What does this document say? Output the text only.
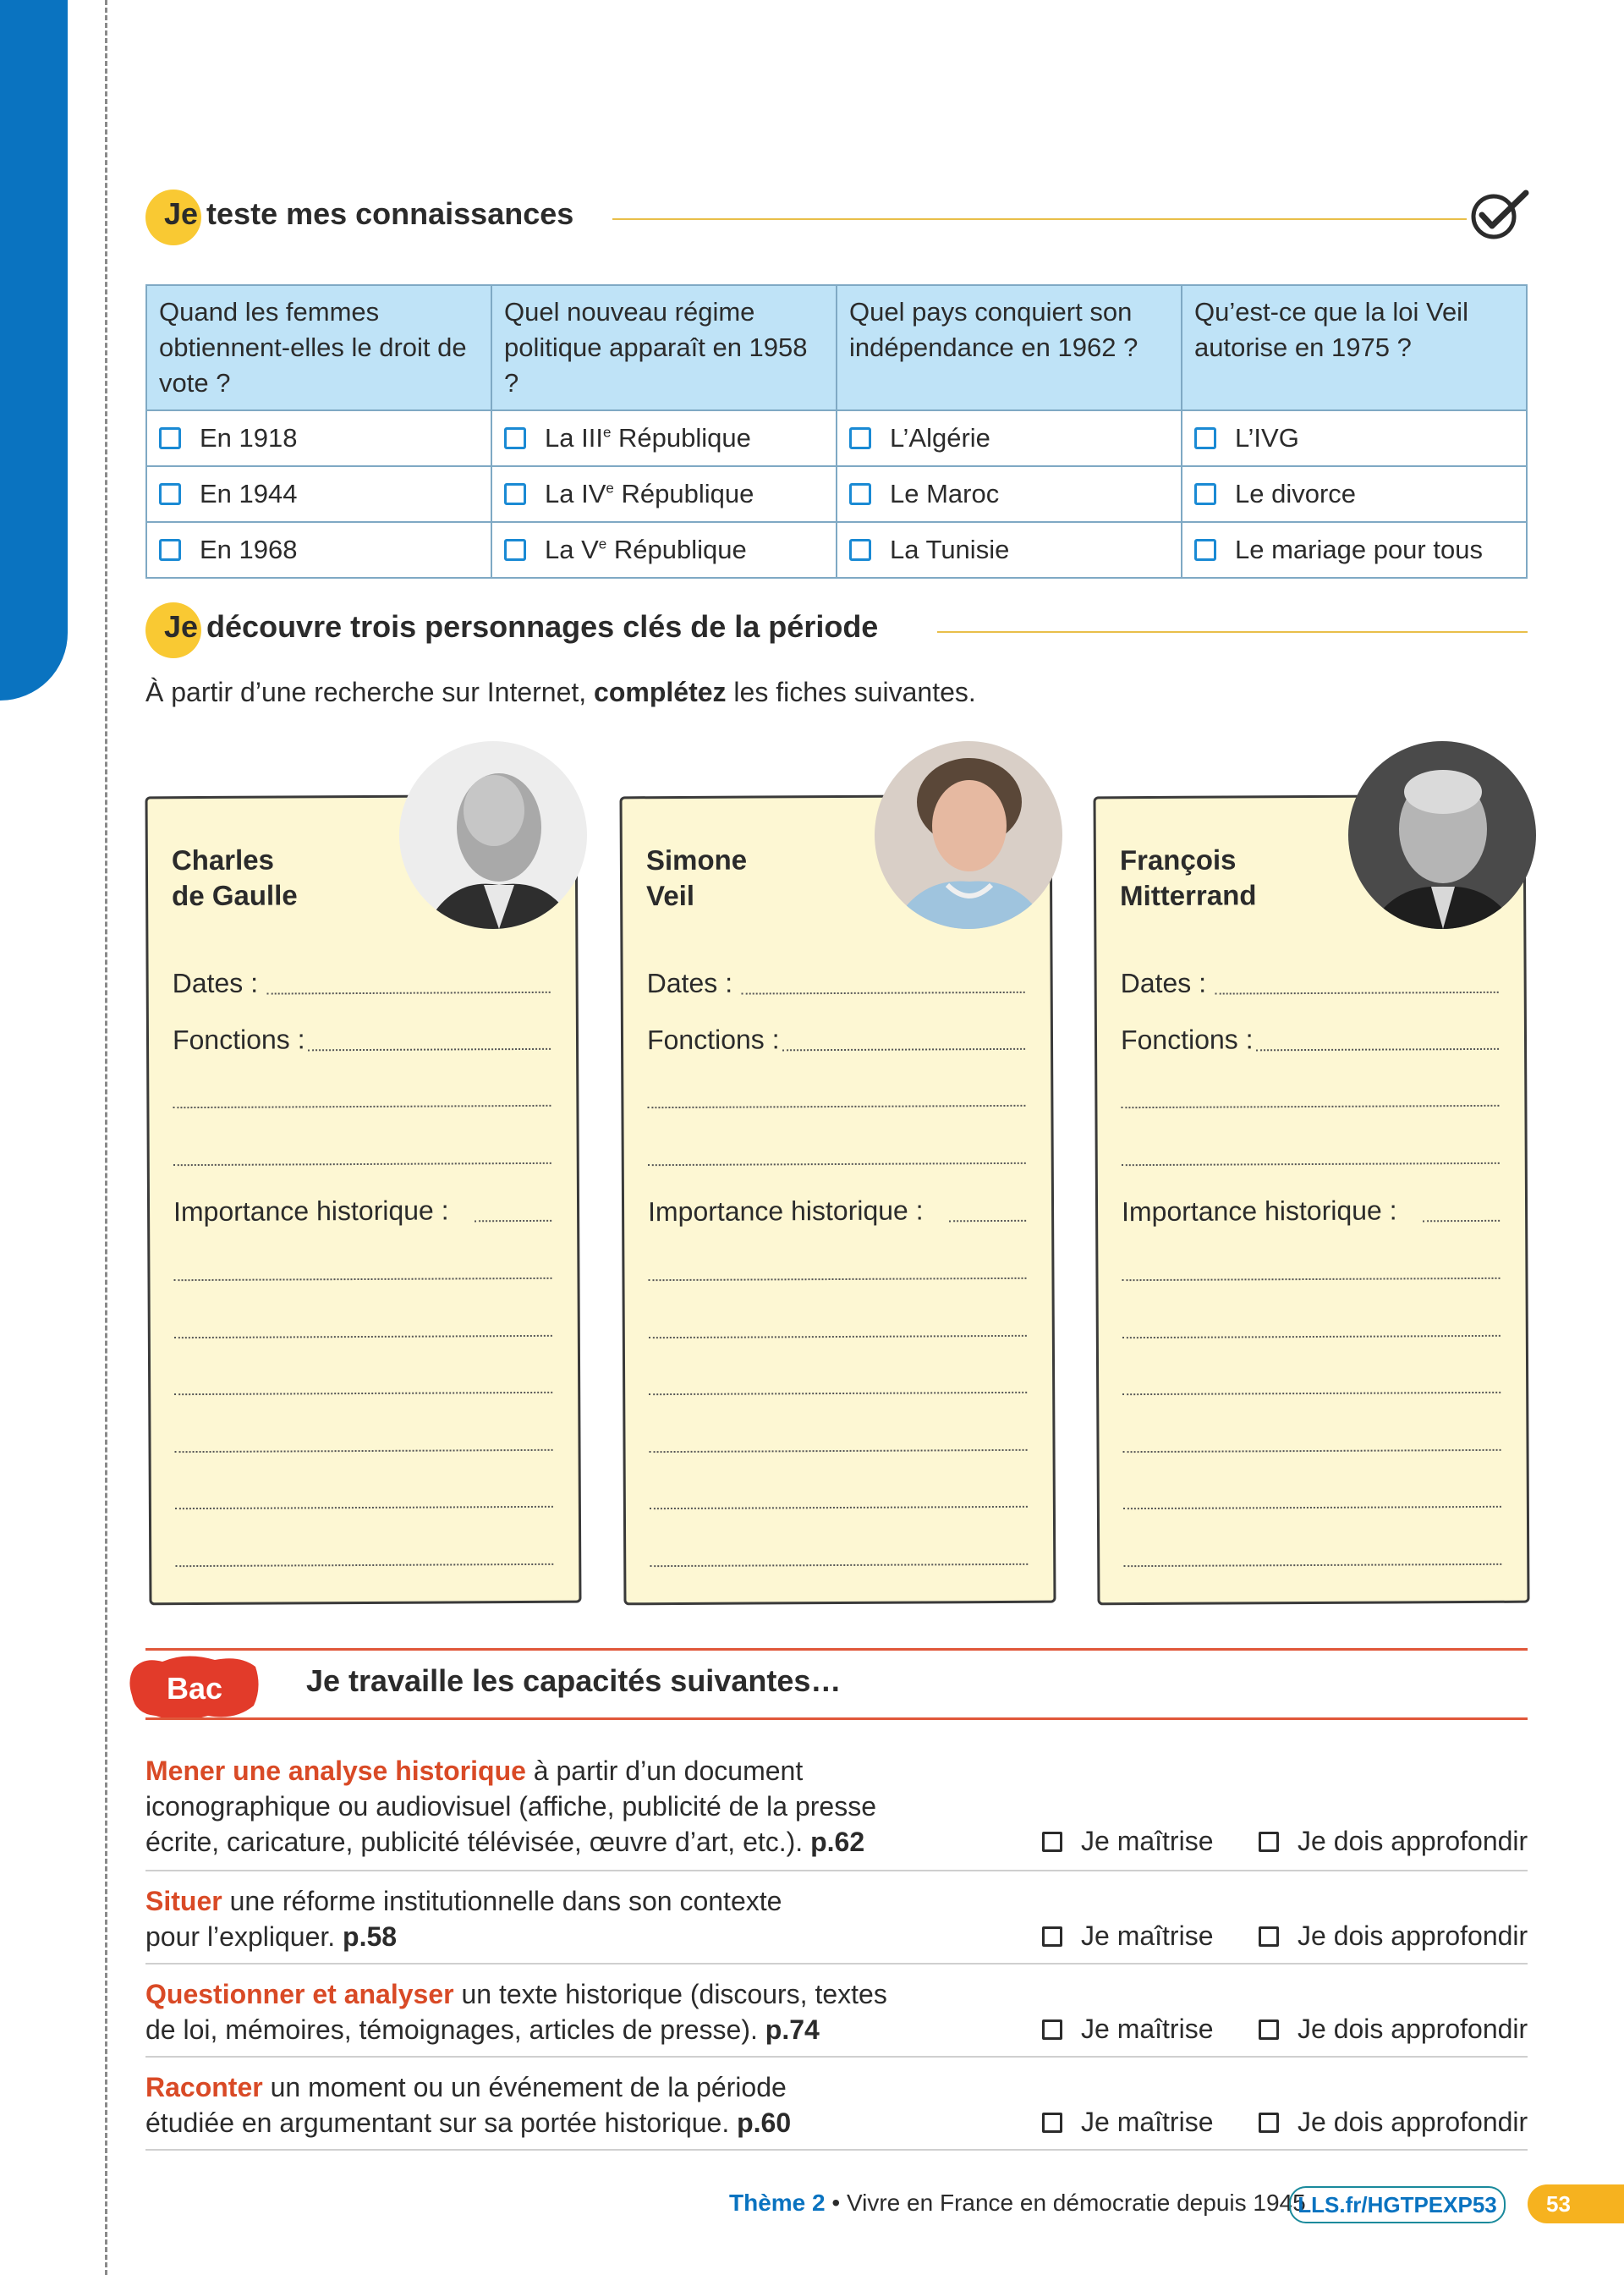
Je teste mes connaissances
Quand les femmes obtiennent-elles le droit de vote ?	Quel nouveau régime politique apparaît en 1958 ?	Quel pays conquiert son indépendance en 1962 ?	Qu’est-ce que la loi Veil autorise en 1975 ?

En 1918	La IIIe République	L’Algérie	L’IVG

En 1944	La IVe République	Le Maroc	Le divorce

En 1968	La Ve République	La Tunisie	Le mariage pour tous
Je découvre trois personnages clés de la période
À partir d’une recherche sur Internet, complétez les fiches suivantes.
Charles
de Gaulle
Dates :
Fonctions :
Importance historique :
Simone
Veil
Dates :
Fonctions :
Importance historique :
François
Mitterrand
Dates :
Fonctions :
Importance historique :
Bac	Je travaille les capacités suivantes…
Mener une analyse historique à partir d’un document
iconographique ou audiovisuel (affiche, publicité de la presse
écrite, caricature, publicité télévisée, œuvre d’art, etc.). p.62	Je maîtrise	Je dois approfondir
Situer une réforme institutionnelle dans son contexte
pour l’expliquer. p.58	Je maîtrise	Je dois approfondir
Questionner et analyser un texte historique (discours, textes
de loi, mémoires, témoignages, articles de presse). p.74	Je maîtrise	Je dois approfondir
Raconter un moment ou un événement de la période
étudiée en argumentant sur sa portée historique. p.60	Je maîtrise	Je dois approfondir
Thème 2 • Vivre en France en démocratie depuis 1945
LLS.fr/HGTPEXP53	53
